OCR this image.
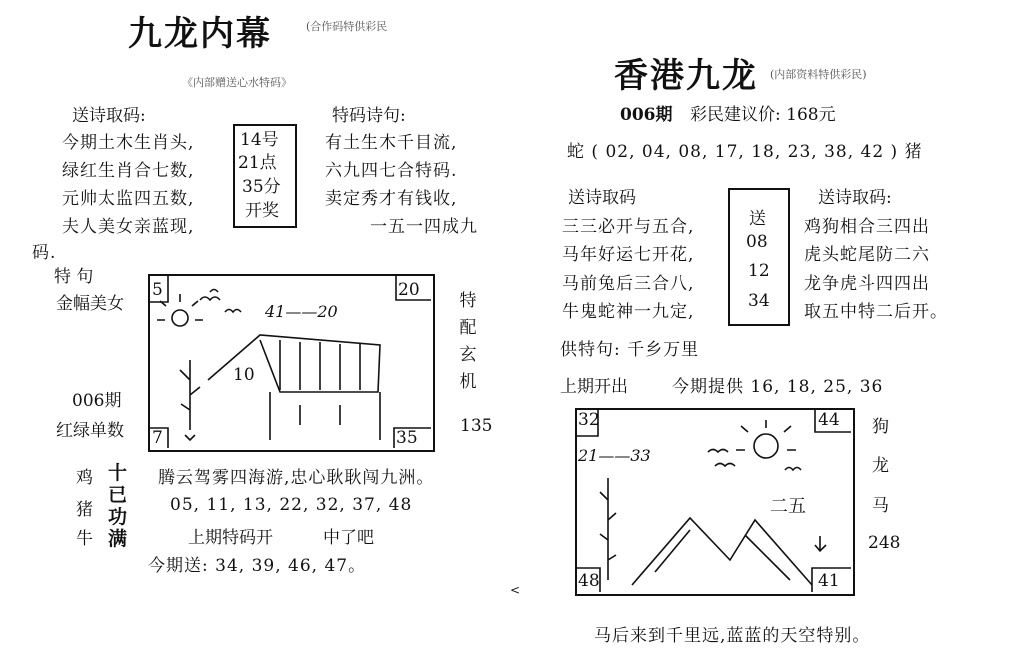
九龙内幕	(合作码特供彩民
《内部赠送心水特码》
送诗取码:	特码诗句:
今期土木生肖头,
绿红生肖合七数,
元帅太监四五数,
夫人美女亲蓝现,
14号
21点
35分
开奖
有土生木千目流,
六九四七合特码.
卖定秀才有钱收,
一五一四成九
码.
特 句
金幅美女
006期
红绿单数
5	20
7	35
41——20
10
特
配
玄
机
135
鸡
猪
牛
十
已
功
满
腾云驾雾四海游,忠心耿耿闯九洲。
05, 11, 13, 22, 32, 37, 48
上期特码开	中了吧
今期送: 34, 39, 46, 47。
<
香港九龙 (内部资料特供彩民)
006期 彩民建议价: 168元
蛇 ( 02, 04, 08, 17, 18, 23, 38, 42 ) 猪
送诗取码	送诗取码:
三三必开与五合,
马年好运七开花,
马前兔后三合八,
牛鬼蛇神一九定,
送
08
12
34
鸡狗相合三四出
虎头蛇尾防二六
龙争虎斗四四出
取五中特二后开。
供特句: 千乡万里
上期开出	今期提供 16, 18, 25, 36
32	44
48	41
21——33
二五
狗
龙
马
248
马后来到千里远,蓝蓝的天空特别。
